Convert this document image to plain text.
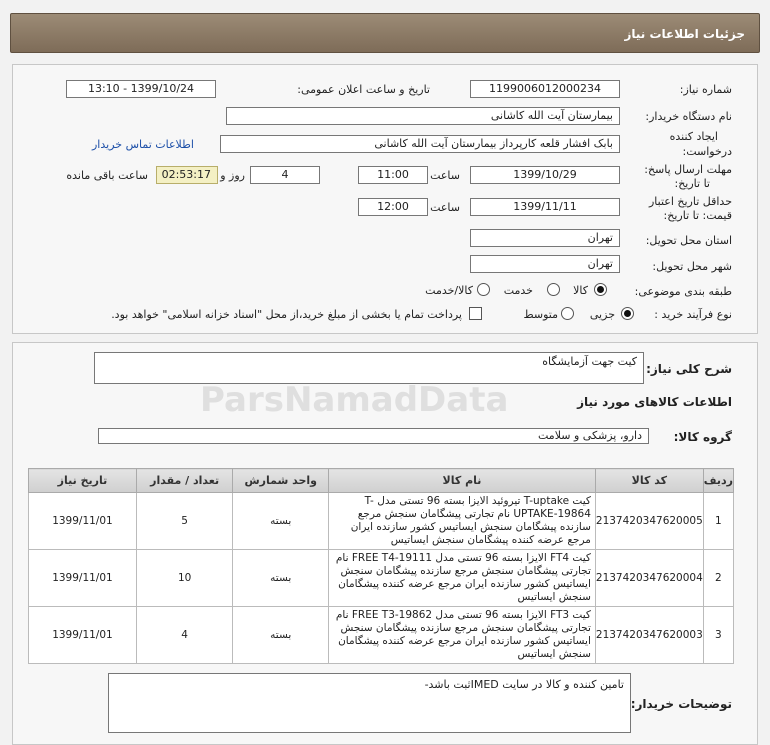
جزئیات اطلاعات نیاز
شماره نیاز:
1199006012000234
تاریخ و ساعت اعلان عمومی:
1399/10/24 - 13:10
نام دستگاه خریدار:
بیمارستان آیت الله کاشانی
ایجاد کننده
درخواست:
بابک افشار قلعه کارپرداز بیمارستان آیت الله کاشانی
اطلاعات تماس خریدار
مهلت ارسال پاسخ:
تا تاریخ:
1399/10/29
ساعت
11:00
4
روز و
02:53:17
ساعت باقی مانده
حداقل تاریخ اعتبار
قیمت: تا تاریخ:
1399/11/11
ساعت
12:00
استان محل تحویل:
تهران
شهر محل تحویل:
تهران
طبقه بندی موضوعی:
کالا
خدمت
کالا/خدمت
نوع فرآیند خرید :
جزیی
متوسط
پرداخت تمام یا بخشی از مبلغ خرید،از محل "اسناد خزانه اسلامی" خواهد بود.
شرح کلی نیاز:
کیت جهت آزمایشگاه
اطلاعات کالاهای مورد نیاز
گروه کالا:
دارو، پزشکی و سلامت
ردیف	کد کالا	نام کالا	واحد شمارش	تعداد / مقدار	تاریخ نیاز
1	2137420347620005	کیت T-uptake تیروئید الایزا بسته 96 تستی مدل T-UPTAKE-19864 نام تجارتی پیشگامان سنجش مرجع سازنده پیشگامان سنجش ایساتیس کشور سازنده ایران مرجع عرضه کننده پیشگامان سنجش ایساتیس	بسته	5	1399/11/01
2	2137420347620004	کیت FT4 الایزا بسته 96 تستی مدل FREE T4-19111 نام تجارتی پیشگامان سنجش مرجع سازنده پیشگامان سنجش ایساتیس کشور سازنده ایران مرجع عرضه کننده پیشگامان سنجش ایساتیس	بسته	10	1399/11/01
3	2137420347620003	کیت FT3 الایزا بسته 96 تستی مدل FREE T3-19862 نام تجارتی پیشگامان سنجش مرجع سازنده پیشگامان سنجش ایساتیس کشور سازنده ایران مرجع عرضه کننده پیشگامان سنجش ایساتیس	بسته	4	1399/11/01
توضیحات خریدار:
تامین کننده و کالا در سایت IMEDثبت باشد-
ParsNamadData
